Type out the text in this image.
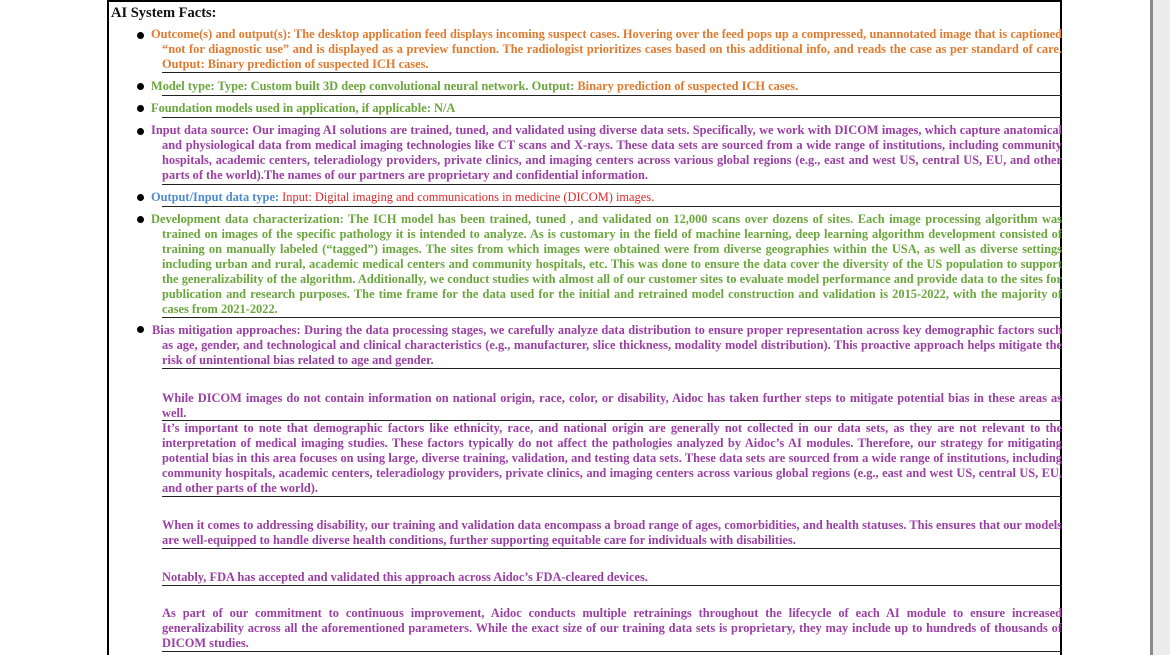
AI System Facts:
Outcome(s) and output(s): The desktop application feed displays incoming suspect cases. Hovering over the feed pops up a compressed, unannotated image that is captioned “not for diagnostic use” and is displayed as a preview function. The radiologist prioritizes cases based on this additional info, and reads the case as per standard of care. Output: Binary prediction of suspected ICH cases.
Model type: Type: Custom built 3D deep convolutional neural network. Output: Binary prediction of suspected ICH cases.
Foundation models used in application, if applicable: N/A
Input data source: Our imaging AI solutions are trained, tuned, and validated using diverse data sets. Specifically, we work with DICOM images, which capture anatomical and physiological data from medical imaging technologies like CT scans and X-rays. These data sets are sourced from a wide range of institutions, including community hospitals, academic centers, teleradiology providers, private clinics, and imaging centers across various global regions (e.g., east and west US, central US, EU, and other parts of the world).The names of our partners are proprietary and confidential information.
Output/Input data type: Input: Digital imaging and communications in medicine (DICOM) images.
Development data characterization: The ICH model has been trained, tuned , and validated on 12,000 scans over dozens of sites. Each image processing algorithm was trained on images of the specific pathology it is intended to analyze. As is customary in the field of machine learning, deep learning algorithm development consisted of training on manually labeled (“tagged”) images. The sites from which images were obtained were from diverse geographies within the USA, as well as diverse settings including urban and rural, academic medical centers and community hospitals, etc. This was done to ensure the data cover the diversity of the US population to support the generalizability of the algorithm. Additionally, we conduct studies with almost all of our customer sites to evaluate model performance and provide data to the sites for publication and research purposes. The time frame for the data used for the initial and retrained model construction and validation is 2015-2022, with the majority of cases from 2021-2022.
Bias mitigation approaches: During the data processing stages, we carefully analyze data distribution to ensure proper representation across key demographic factors such as age, gender, and technological and clinical characteristics (e.g., manufacturer, slice thickness, modality model distribution). This proactive approach helps mitigate the risk of unintentional bias related to age and gender.
While DICOM images do not contain information on national origin, race, color, or disability, Aidoc has taken further steps to mitigate potential bias in these areas as well.
It’s important to note that demographic factors like ethnicity, race, and national origin are generally not collected in our data sets, as they are not relevant to the interpretation of medical imaging studies. These factors typically do not affect the pathologies analyzed by Aidoc’s AI modules. Therefore, our strategy for mitigating potential bias in this area focuses on using large, diverse training, validation, and testing data sets. These data sets are sourced from a wide range of institutions, including community hospitals, academic centers, teleradiology providers, private clinics, and imaging centers across various global regions (e.g., east and west US, central US, EU, and other parts of the world).
When it comes to addressing disability, our training and validation data encompass a broad range of ages, comorbidities, and health statuses. This ensures that our models are well-equipped to handle diverse health conditions, further supporting equitable care for individuals with disabilities.
Notably, FDA has accepted and validated this approach across Aidoc’s FDA-cleared devices.
As part of our commitment to continuous improvement, Aidoc conducts multiple retrainings throughout the lifecycle of each AI module to ensure increased generalizability across all the aforementioned parameters. While the exact size of our training data sets is proprietary, they may include up to hundreds of thousands of DICOM studies.
